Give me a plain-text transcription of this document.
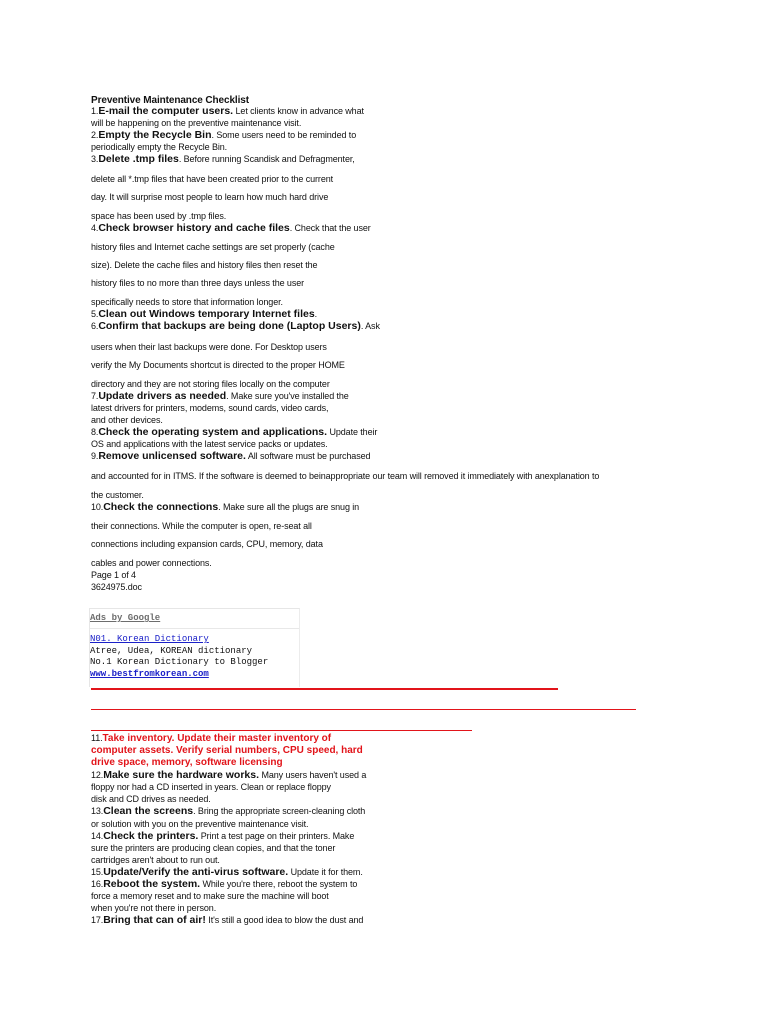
Preventive Maintenance Checklist
1.E-mail the computer users. Let clients know in advance what
will be happening on the preventive maintenance visit.
2.Empty the Recycle Bin. Some users need to be reminded to
periodically empty the Recycle Bin.
3.Delete .tmp files. Before running Scandisk and Defragmenter,
delete all *.tmp files that have been created prior to the current
day. It will surprise most people to learn how much hard drive
space has been used by .tmp files.
4.Check browser history and cache files. Check that the user
history files and Internet cache settings are set properly (cache
size). Delete the cache files and history files then reset the
history files to no more than three days unless the user
specifically needs to store that information longer.
5.Clean out Windows temporary Internet files.
6.Confirm that backups are being done (Laptop Users). Ask
users when their last backups were done. For Desktop users
verify the My Documents shortcut is directed to the proper HOME
directory and they are not storing files locally on the computer
7.Update drivers as needed. Make sure you've installed the
latest drivers for printers, modems, sound cards, video cards,
and other devices.
8.Check the operating system and applications. Update their
OS and applications with the latest service packs or updates.
9.Remove unlicensed software. All software must be purchased
and accounted for in ITMS. If the software is deemed to beinappropriate our team will removed it immediately with anexplanation to
the customer.
10.Check the connections. Make sure all the plugs are snug in
their connections. While the computer is open, re-seat all
connections including expansion cards, CPU, memory, data
cables and power connections.
Page 1 of 4
3624975.doc
11.Take inventory. Update their master inventory of
computer assets. Verify serial numbers, CPU speed, hard
drive space, memory, software licensing
12.Make sure the hardware works. Many users haven't used a
floppy nor had a CD inserted in years. Clean or replace floppy
disk and CD drives as needed.
13.Clean the screens. Bring the appropriate screen-cleaning cloth
or solution with you on the preventive maintenance visit.
14.Check the printers. Print a test page on their printers. Make
sure the printers are producing clean copies, and that the toner
cartridges aren't about to run out.
15.Update/Verify the anti-virus software. Update it for them.
16.Reboot the system. While you're there, reboot the system to
force a memory reset and to make sure the machine will boot
when you're not there in person.
17.Bring that can of air! It's still a good idea to blow the dust and
Ads by Google
N01. Korean Dictionary
Atree, Udea, KOREAN dictionary
No.1 Korean Dictionary to Blogger
www.bestfromkorean.com
